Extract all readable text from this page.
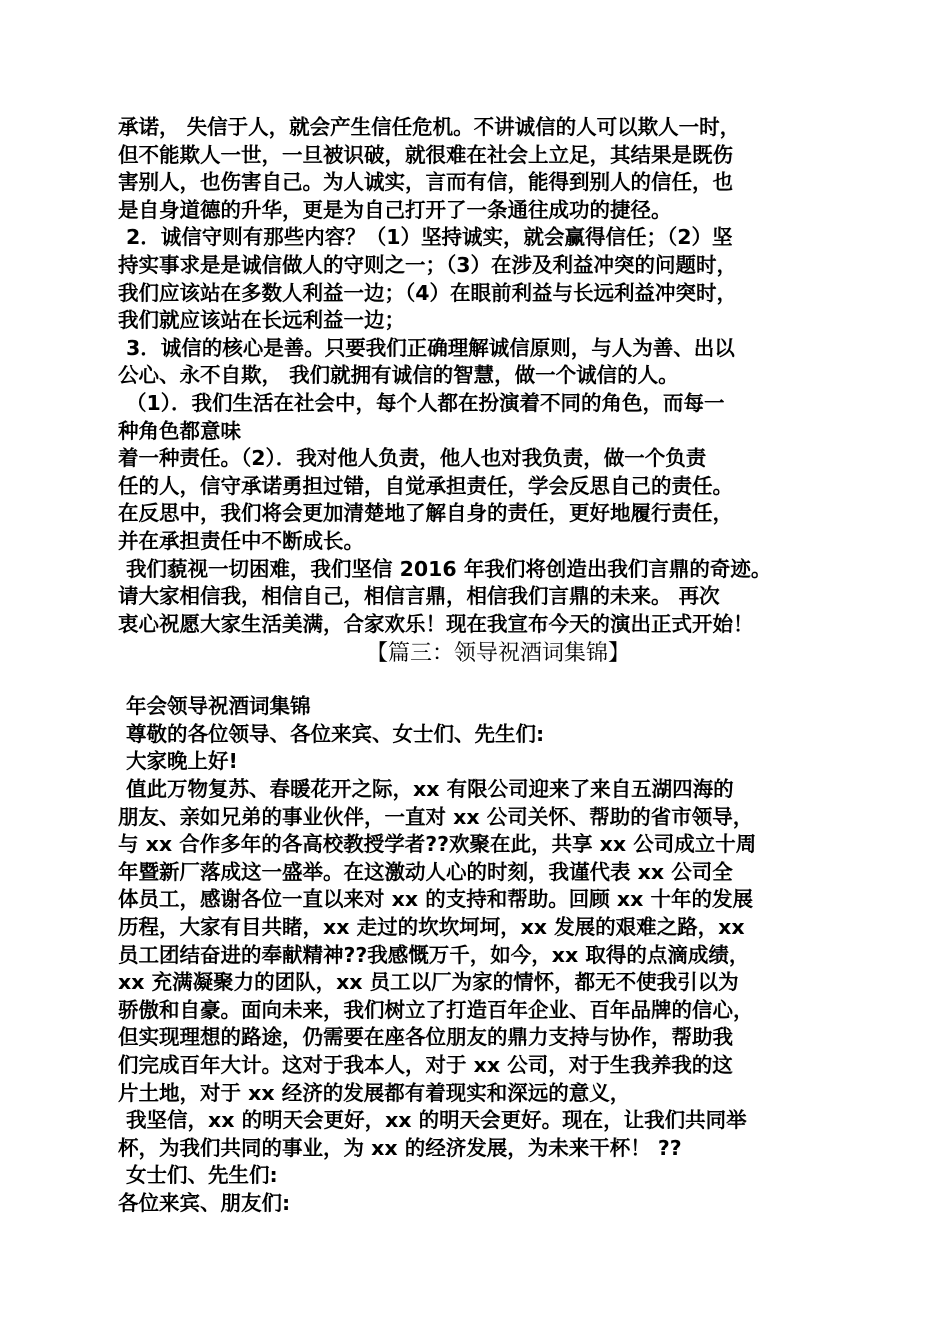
承诺， 失信于人，就会产生信任危机。不讲诚信的人可以欺人一时，
但不能欺人一世，一旦被识破，就很难在社会上立足，其结果是既伤
害别人，也伤害自己。为人诚实，言而有信，能得到别人的信任，也
是自身道德的升华，更是为自己打开了一条通往成功的捷径。
2．诚信守则有那些内容？（1）坚持诚实，就会赢得信任；（2）坚
持实事求是是诚信做人的守则之一；（3）在涉及利益冲突的问题时，
我们应该站在多数人利益一边；（4）在眼前利益与长远利益冲突时，
我们就应该站在长远利益一边；
3．诚信的核心是善。只要我们正确理解诚信原则，与人为善、出以
公心、永不自欺， 我们就拥有诚信的智慧，做一个诚信的人。
（1）．我们生活在社会中，每个人都在扮演着不同的角色，而每一
种角色都意味
着一种责任。（2）．我对他人负责，他人也对我负责，做一个负责
任的人，信守承诺勇担过错，自觉承担责任，学会反思自己的责任。
在反思中，我们将会更加清楚地了解自身的责任，更好地履行责任，
并在承担责任中不断成长。
我们藐视一切困难，我们坚信 2016 年我们将创造出我们言鼎的奇迹。
请大家相信我，相信自己，相信言鼎，相信我们言鼎的未来。 再次
衷心祝愿大家生活美满，合家欢乐！现在我宣布今天的演出正式开始！
【篇三：领导祝酒词集锦】
年会领导祝酒词集锦
尊敬的各位领导、各位来宾、女士们、先生们:
大家晚上好!
值此万物复苏、春暖花开之际，xx 有限公司迎来了来自五湖四海的
朋友、亲如兄弟的事业伙伴，一直对 xx 公司关怀、帮助的省市领导，
与 xx 合作多年的各高校教授学者??欢聚在此，共享 xx 公司成立十周
年暨新厂落成这一盛举。在这激动人心的时刻，我谨代表 xx 公司全
体员工，感谢各位一直以来对 xx 的支持和帮助。回顾 xx 十年的发展
历程，大家有目共睹，xx 走过的坎坎坷坷，xx 发展的艰难之路，xx
员工团结奋进的奉献精神??我感慨万千，如今，xx 取得的点滴成绩，
xx 充满凝聚力的团队，xx 员工以厂为家的情怀，都无不使我引以为
骄傲和自豪。面向未来，我们树立了打造百年企业、百年品牌的信心，
但实现理想的路途，仍需要在座各位朋友的鼎力支持与协作，帮助我
们完成百年大计。这对于我本人，对于 xx 公司，对于生我养我的这
片土地，对于 xx 经济的发展都有着现实和深远的意义，
我坚信，xx 的明天会更好，xx 的明天会更好。现在，让我们共同举
杯，为我们共同的事业，为 xx 的经济发展，为未来干杯！ ??
女士们、先生们:
各位来宾、朋友们:
